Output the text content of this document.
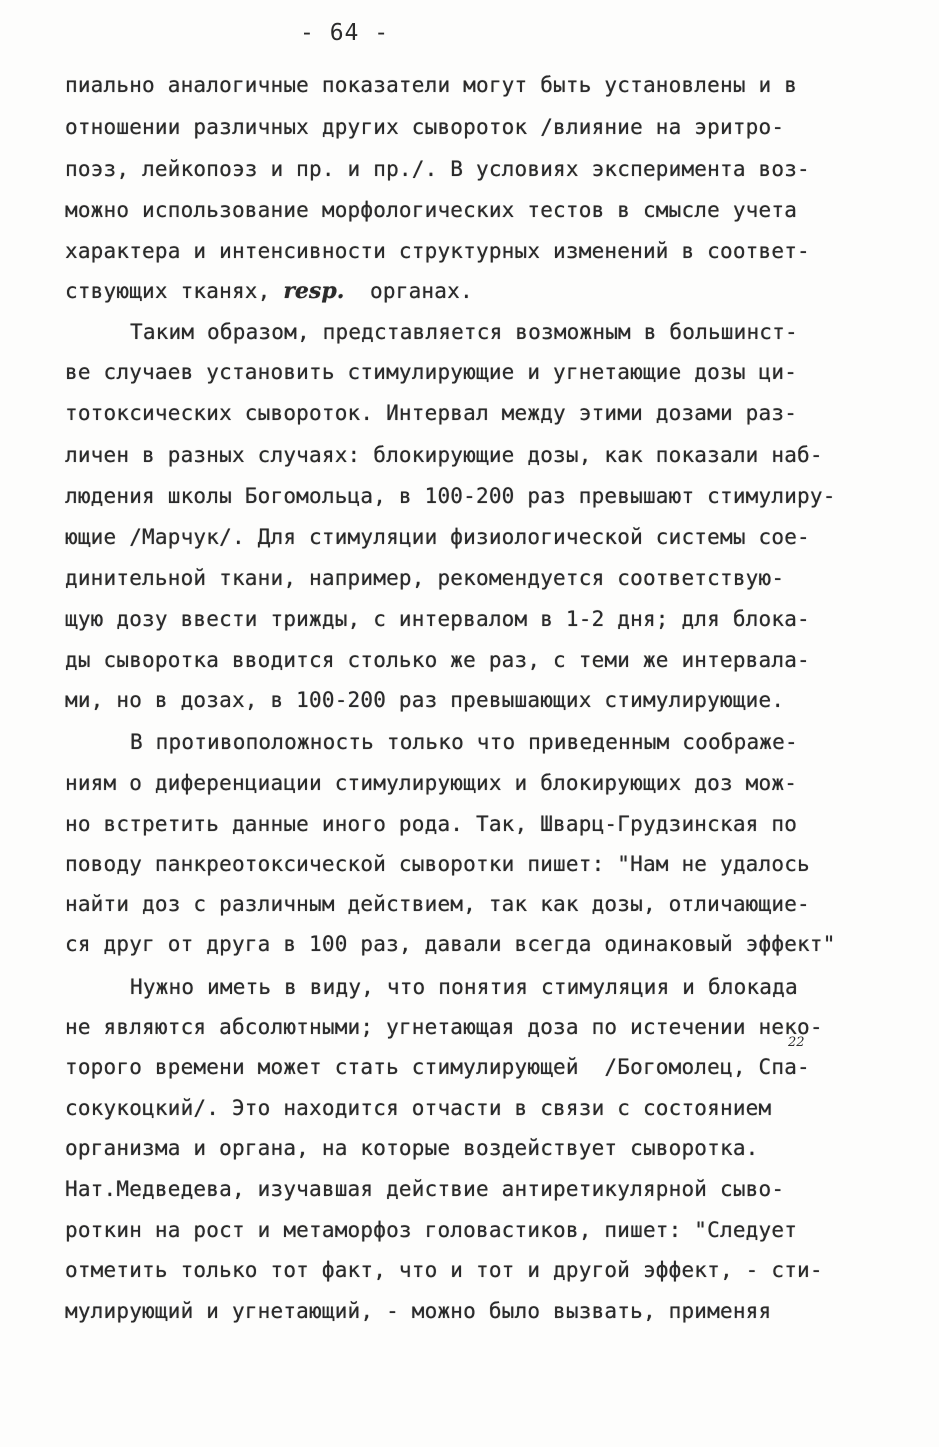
- 64 -
пиально аналогичные показатели могут быть установлены и в
отношении различных других сывороток /влияние на эритро-
поэз, лейкопоэз и пр. и пр./. В условиях эксперимента воз-
можно использование морфологических тестов в смысле учета
характера и интенсивности структурных изменений в соответ-
ствующих тканях, resp. органах.
Таким образом, представляется возможным в большинст-
ве случаев установить стимулирующие и угнетающие дозы ци-
тотоксических сывороток. Интервал между этими дозами раз-
личен в разных случаях: блокирующие дозы, как показали наб-
людения школы Богомольца, в 100-200 раз превышают стимулиру-
ющие /Марчук/. Для стимуляции физиологической системы сое-
динительной ткани, например, рекомендуется соответствую-
щую дозу ввести трижды, с интервалом в 1-2 дня; для блока-
ды сыворотка вводится столько же раз, с теми же интервала-
ми, но в дозах, в 100-200 раз превышающих стимулирующие.
В противоположность только что приведенным соображе-
ниям о диференциации стимулирующих и блокирующих доз мож-
но встретить данные иного рода. Так, Шварц-Грудзинская по
поводу панкреотоксической сыворотки пишет: "Нам не удалось
найти доз с различным действием, так как дозы, отличающие-
ся друг от друга в 100 раз, давали всегда одинаковый эффект"
Нужно иметь в виду, что понятия стимуляция и блокада
не являются абсолютными; угнетающая доза по истечении неко-
торого времени может стать стимулирующей  /Богомолец, Спа-
сокукоцкий/. Это находится отчасти в связи с состоянием
организма и органа, на которые воздействует сыворотка.
Нат.Медведева, изучавшая действие антиретикулярной сыво-
роткин на рост и метаморфоз головастиков, пишет: "Следует
отметить только тот факт, что и тот и другой эффект, - сти-
мулирующий и угнетающий, - можно было вызвать, применяя
22
